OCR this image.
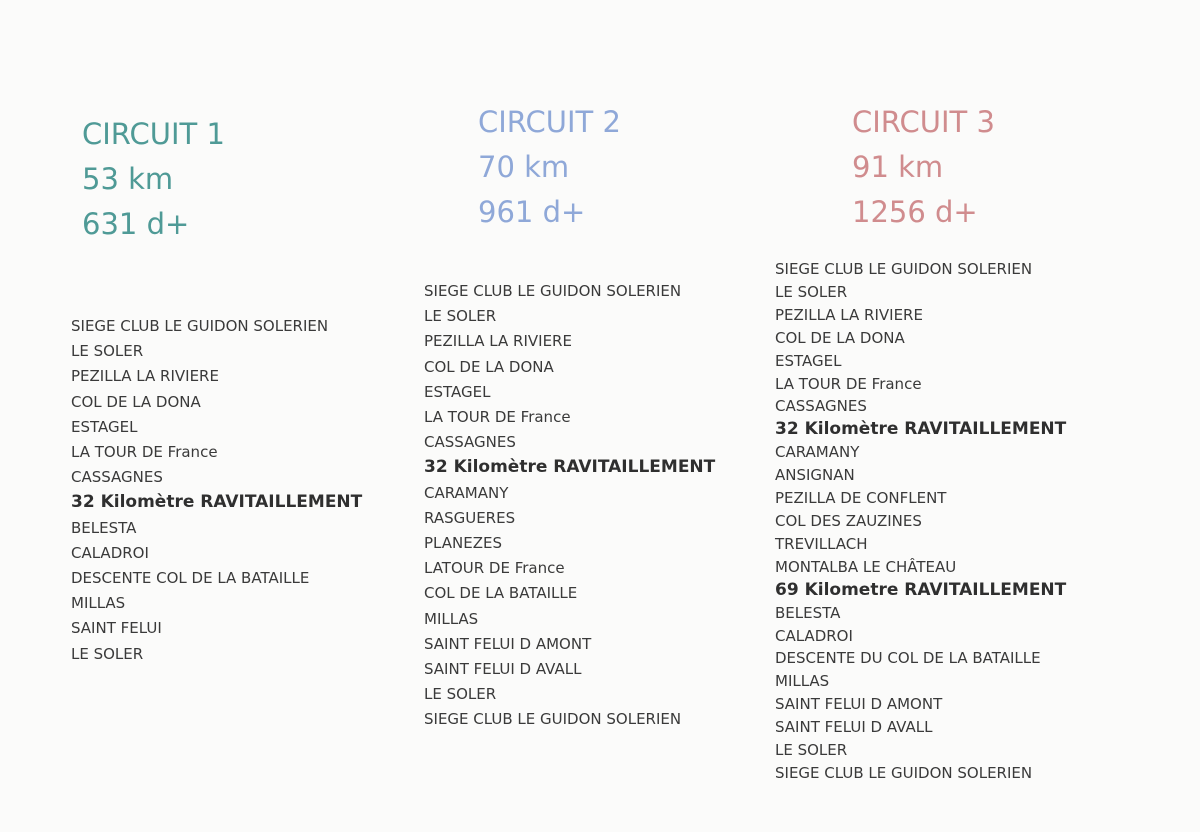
CIRCUIT 1
53 km
631 d+
SIEGE CLUB LE GUIDON SOLERIEN
LE SOLER
PEZILLA LA RIVIERE
COL DE LA DONA
ESTAGEL
LA TOUR DE France
CASSAGNES
32 Kilomètre RAVITAILLEMENT
BELESTA
CALADROI
DESCENTE COL DE LA BATAILLE
MILLAS
SAINT FELUI
LE SOLER
CIRCUIT 2
70 km
961 d+
SIEGE CLUB LE GUIDON SOLERIEN
LE SOLER
PEZILLA LA RIVIERE
COL DE LA DONA
ESTAGEL
LA TOUR DE France
CASSAGNES
32 Kilomètre RAVITAILLEMENT
CARAMANY
RASGUERES
PLANEZES
LATOUR DE France
COL DE LA BATAILLE
MILLAS
SAINT FELUI D AMONT
SAINT FELUI D AVALL
LE SOLER
SIEGE CLUB LE GUIDON SOLERIEN
CIRCUIT 3
91 km
1256 d+
SIEGE CLUB LE GUIDON SOLERIEN
LE SOLER
PEZILLA LA RIVIERE
COL DE LA DONA
ESTAGEL
LA TOUR DE France
CASSAGNES
32 Kilomètre RAVITAILLEMENT
CARAMANY
ANSIGNAN
PEZILLA DE CONFLENT
COL DES ZAUZINES
TREVILLACH
MONTALBA LE CHÂTEAU
69 Kilometre RAVITAILLEMENT
BELESTA
CALADROI
DESCENTE DU COL DE LA BATAILLE
MILLAS
SAINT FELUI D AMONT
SAINT FELUI D AVALL
LE SOLER
SIEGE CLUB LE GUIDON SOLERIEN
